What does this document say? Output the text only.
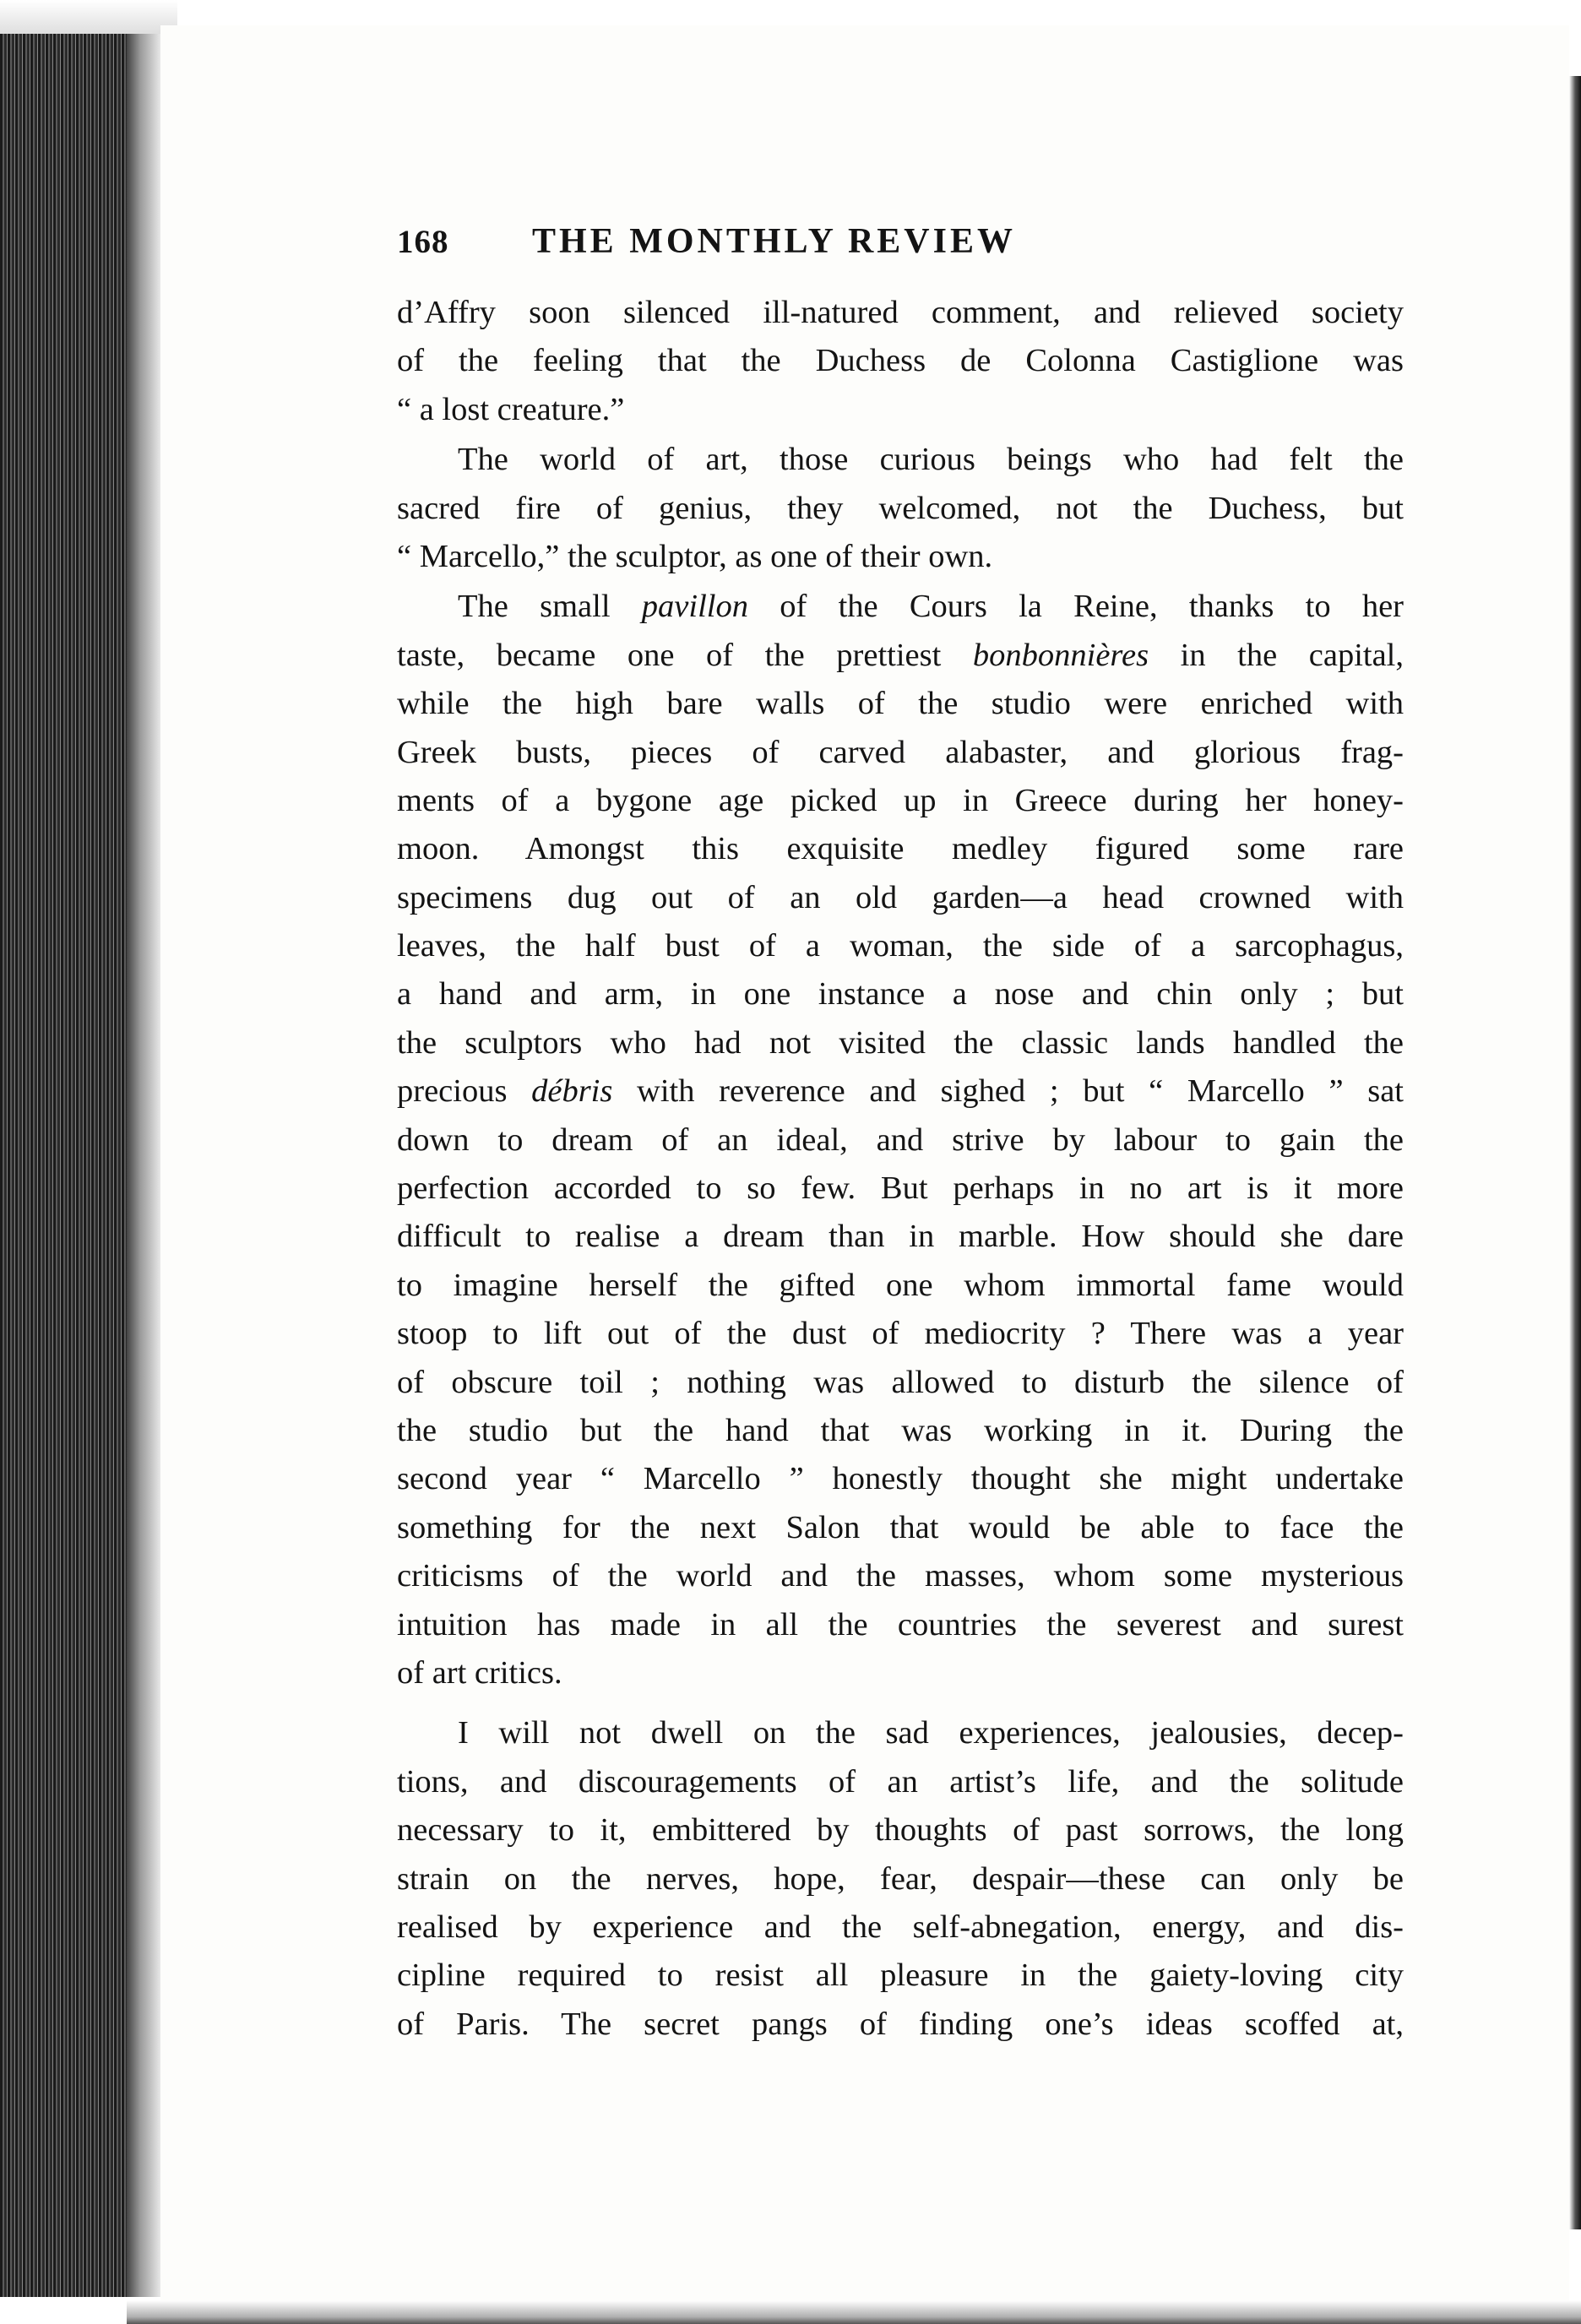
168	THE MONTHLY REVIEW
d’Affry soon silenced ill-natured comment, and relieved society
of the feeling that the Duchess de Colonna Castiglione was
“ a lost creature.”
The world of art, those curious beings who had felt the
sacred fire of genius, they welcomed, not the Duchess, but
“ Marcello,” the sculptor, as one of their own.
The small pavillon of the Cours la Reine, thanks to her
taste, became one of the prettiest bonbonnières in the capital,
while the high bare walls of the studio were enriched with
Greek busts, pieces of carved alabaster, and glorious frag-
ments of a bygone age picked up in Greece during her honey-
moon. Amongst this exquisite medley figured some rare
specimens dug out of an old garden—a head crowned with
leaves, the half bust of a woman, the side of a sarcophagus,
a hand and arm, in one instance a nose and chin only ; but
the sculptors who had not visited the classic lands handled the
precious débris with reverence and sighed ; but “ Marcello ” sat
down to dream of an ideal, and strive by labour to gain the
perfection accorded to so few. But perhaps in no art is it more
difficult to realise a dream than in marble. How should she dare
to imagine herself the gifted one whom immortal fame would
stoop to lift out of the dust of mediocrity ? There was a year
of obscure toil ; nothing was allowed to disturb the silence of
the studio but the hand that was working in it. During the
second year “ Marcello ” honestly thought she might undertake
something for the next Salon that would be able to face the
criticisms of the world and the masses, whom some mysterious
intuition has made in all the countries the severest and surest
of art critics.
I will not dwell on the sad experiences, jealousies, decep-
tions, and discouragements of an artist’s life, and the solitude
necessary to it, embittered by thoughts of past sorrows, the long
strain on the nerves, hope, fear, despair—these can only be
realised by experience and the self-abnegation, energy, and dis-
cipline required to resist all pleasure in the gaiety-loving city
of Paris. The secret pangs of finding one’s ideas scoffed at,
